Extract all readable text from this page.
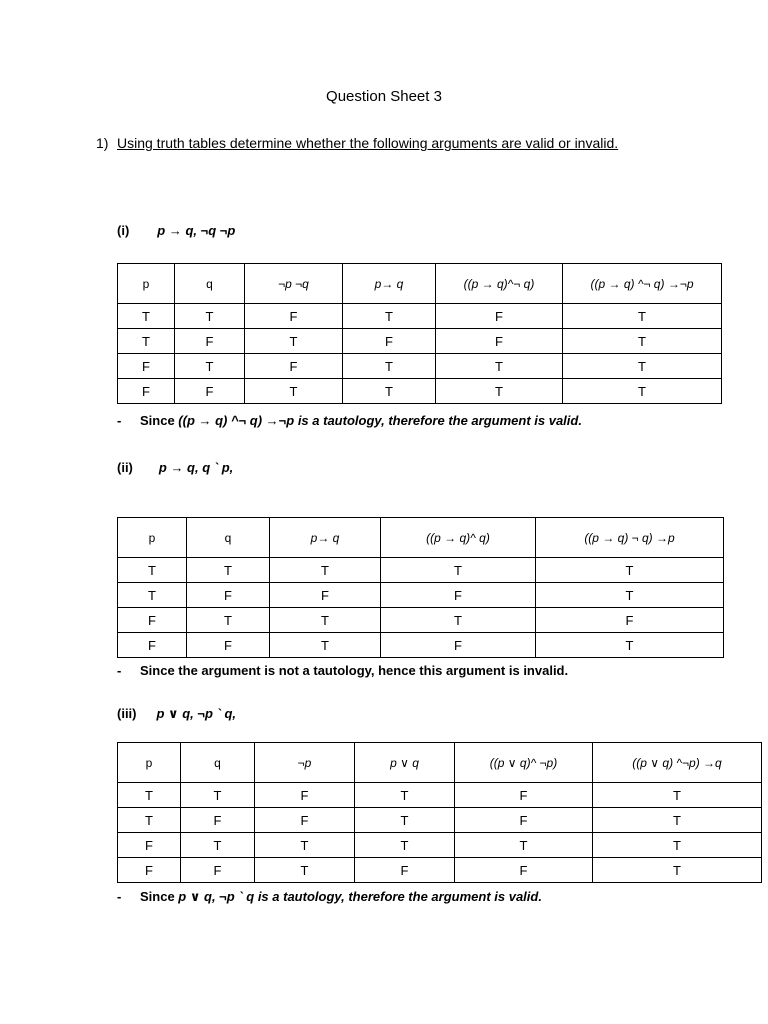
Question Sheet 3
1) Using truth tables determine whether the following arguments are valid or invalid.
(i) p → q, ¬q ¬p
p	q	¬p ¬q	p→ q	((p → q)^¬ q)	((p → q) ^¬ q) →¬p
T	T	F	T	F	T
T	F	T	F	F	T
F	T	F	T	T	T
F	F	T	T	T	T
- Since ((p → q) ^¬ q) →¬p is a tautology, therefore the argument is valid.
(ii) p → q, q ` p,
p	q	p→ q	((p → q)^ q)	((p → q) ¬ q) →p
T	T	T	T	T
T	F	F	F	T
F	T	T	T	F
F	F	T	F	T
- Since the argument is not a tautology, hence this argument is invalid.
(iii) p ∨ q, ¬p ` q,
p	q	¬p	p ∨ q	((p ∨ q)^ ¬p)	((p ∨ q) ^¬p) →q
T	T	F	T	F	T
T	F	F	T	F	T
F	T	T	T	T	T
F	F	T	F	F	T
- Since p ∨ q, ¬p ` q is a tautology, therefore the argument is valid.
